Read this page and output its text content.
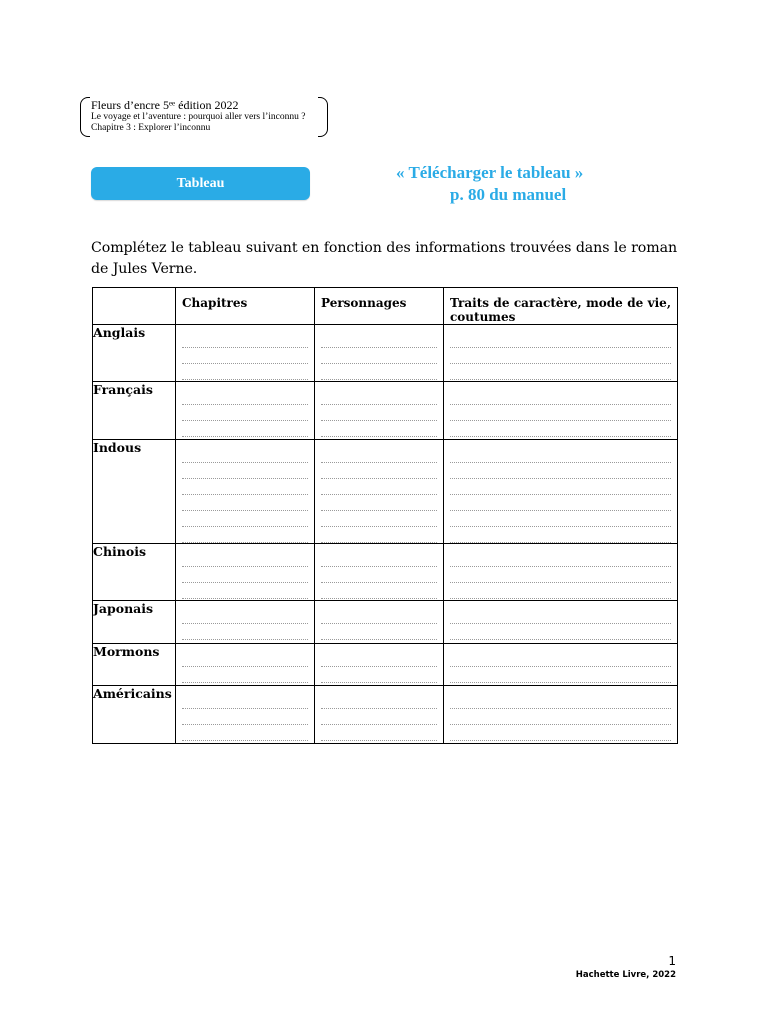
Fleurs d’encre 5ᵉᵉ édition 2022
Le voyage et l’aventure : pourquoi aller vers l’inconnu ?
Chapitre 3 : Explorer l’inconnu
Tableau
« Télécharger le tableau »
p. 80 du manuel
Complétez le tableau suivant en fonction des informations trouvées dans le roman de Jules Verne.
	Chapitres	Personnages	Traits de caractère, mode de vie, coutumes
Anglais	

Français	

Indous	

Chinois	

Japonais	

Mormons	

Américains	

1
Hachette Livre, 2022
